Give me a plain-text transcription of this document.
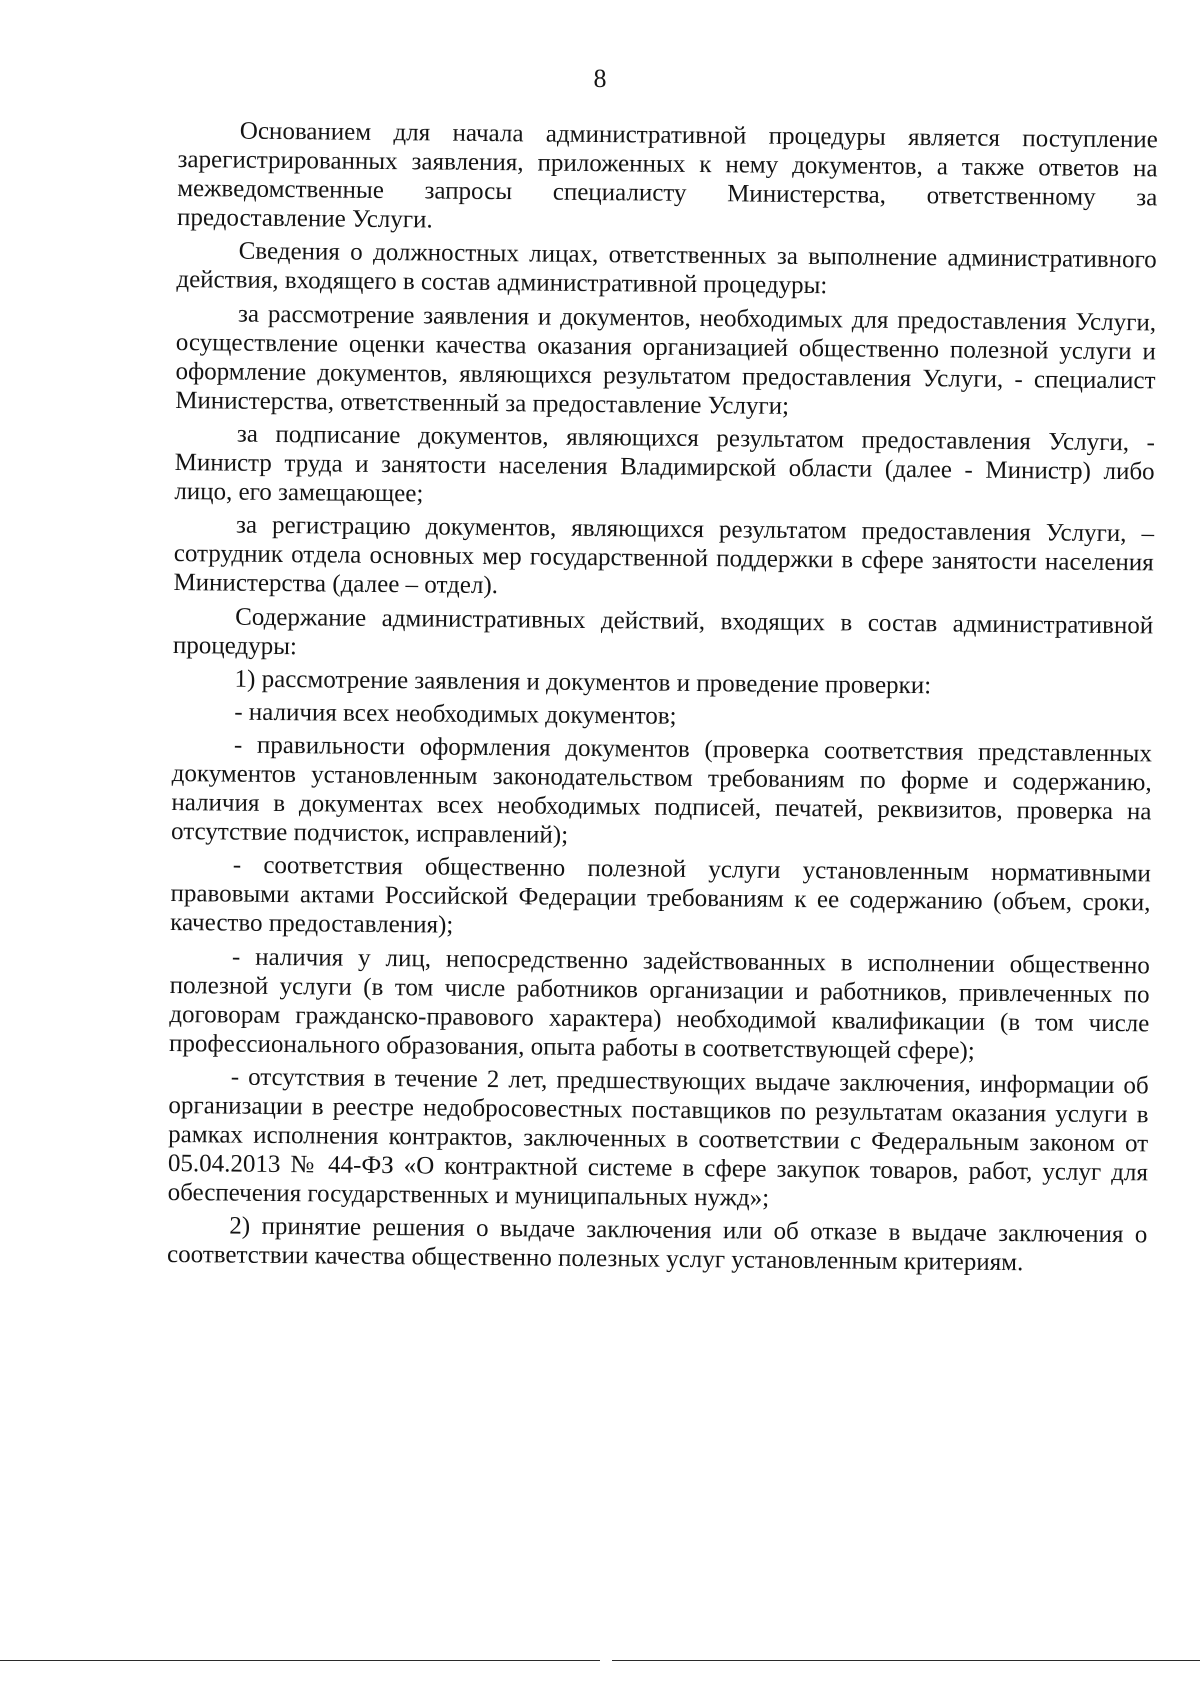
8

Основанием для начала административной процедуры является поступление зарегистрированных заявления, приложенных к нему документов, а также ответов на межведомственные запросы специалисту Министерства, ответственному за предоставление Услуги.

Сведения о должностных лицах, ответственных за выполнение административного действия, входящего в состав административной процедуры:

за рассмотрение заявления и документов, необходимых для предоставления Услуги, осуществление оценки качества оказания организацией общественно полезной услуги и оформление документов, являющихся результатом предоставления Услуги, - специалист Министерства, ответственный за предоставление Услуги;

за подписание документов, являющихся результатом предоставления Услуги, - Министр труда и занятости населения Владимирской области (далее - Министр) либо лицо, его замещающее;

за регистрацию документов, являющихся результатом предоставления Услуги, – сотрудник отдела основных мер государственной поддержки в сфере занятости населения Министерства (далее – отдел).

Содержание административных действий, входящих в состав административной процедуры:

1) рассмотрение заявления и документов и проведение проверки:

- наличия всех необходимых документов;

- правильности оформления документов (проверка соответствия представленных документов установленным законодательством требованиям по форме и содержанию, наличия в документах всех необходимых подписей, печатей, реквизитов, проверка на отсутствие подчисток, исправлений);

- соответствия общественно полезной услуги установленным нормативными правовыми актами Российской Федерации требованиям к ее содержанию (объем, сроки, качество предоставления);

- наличия у лиц, непосредственно задействованных в исполнении общественно полезной услуги (в том числе работников организации и работников, привлеченных по договорам гражданско-правового характера) необходимой квалификации (в том числе профессионального образования, опыта работы в соответствующей сфере);

- отсутствия в течение 2 лет, предшествующих выдаче заключения, информации об организации в реестре недобросовестных поставщиков по результатам оказания услуги в рамках исполнения контрактов, заключенных в соответствии с Федеральным законом от 05.04.2013 № 44-ФЗ «О контрактной системе в сфере закупок товаров, работ, услуг для обеспечения государственных и муниципальных нужд»;

2) принятие решения о выдаче заключения или об отказе в выдаче заключения о соответствии качества общественно полезных услуг установленным критериям.
